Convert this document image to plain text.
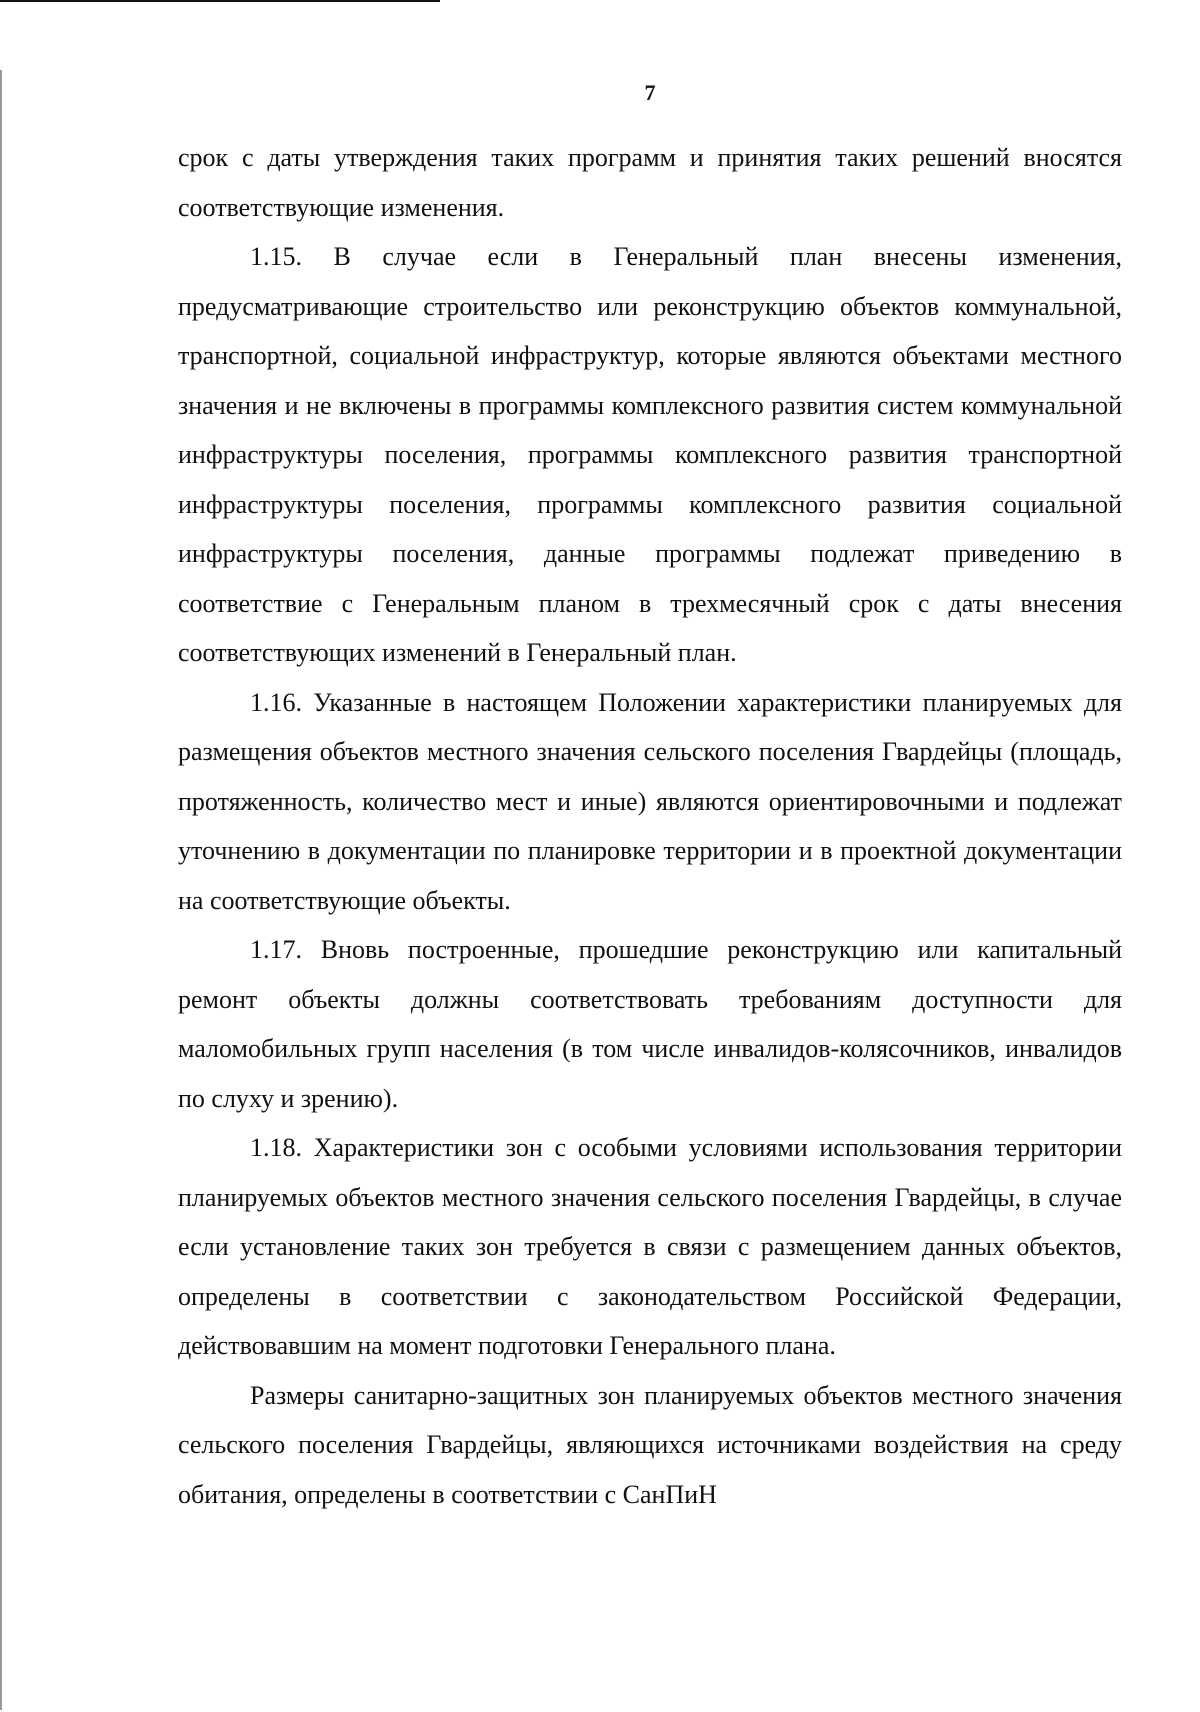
7

срок с даты утверждения таких программ и принятия таких решений вносятся соответствующие изменения.

1.15. В случае если в Генеральный план внесены изменения, предусматривающие строительство или реконструкцию объектов коммунальной, транспортной, социальной инфраструктур, которые являются объектами местного значения и не включены в программы комплексного развития систем коммунальной инфраструктуры поселения, программы комплексного развития транспортной инфраструктуры поселения, программы комплексного развития социальной инфраструктуры поселения, данные программы подлежат приведению в соответствие с Генеральным планом в трехмесячный срок с даты внесения соответствующих изменений в Генеральный план.

1.16. Указанные в настоящем Положении характеристики планируемых для размещения объектов местного значения сельского поселения Гвардейцы (площадь, протяженность, количество мест и иные) являются ориентировочными и подлежат уточнению в документации по планировке территории и в проектной документации на соответствующие объекты.

1.17. Вновь построенные, прошедшие реконструкцию или капитальный ремонт объекты должны соответствовать требованиям доступности для маломобильных групп населения (в том числе инвалидов-колясочников, инвалидов по слуху и зрению).

1.18. Характеристики зон с особыми условиями использования территории планируемых объектов местного значения сельского поселения Гвардейцы, в случае если установление таких зон требуется в связи с размещением данных объектов, определены в соответствии с законодательством Российской Федерации, действовавшим на момент подготовки Генерального плана.

Размеры санитарно-защитных зон планируемых объектов местного значения сельского поселения Гвардейцы, являющихся источниками воздействия на среду обитания, определены в соответствии с СанПиН
